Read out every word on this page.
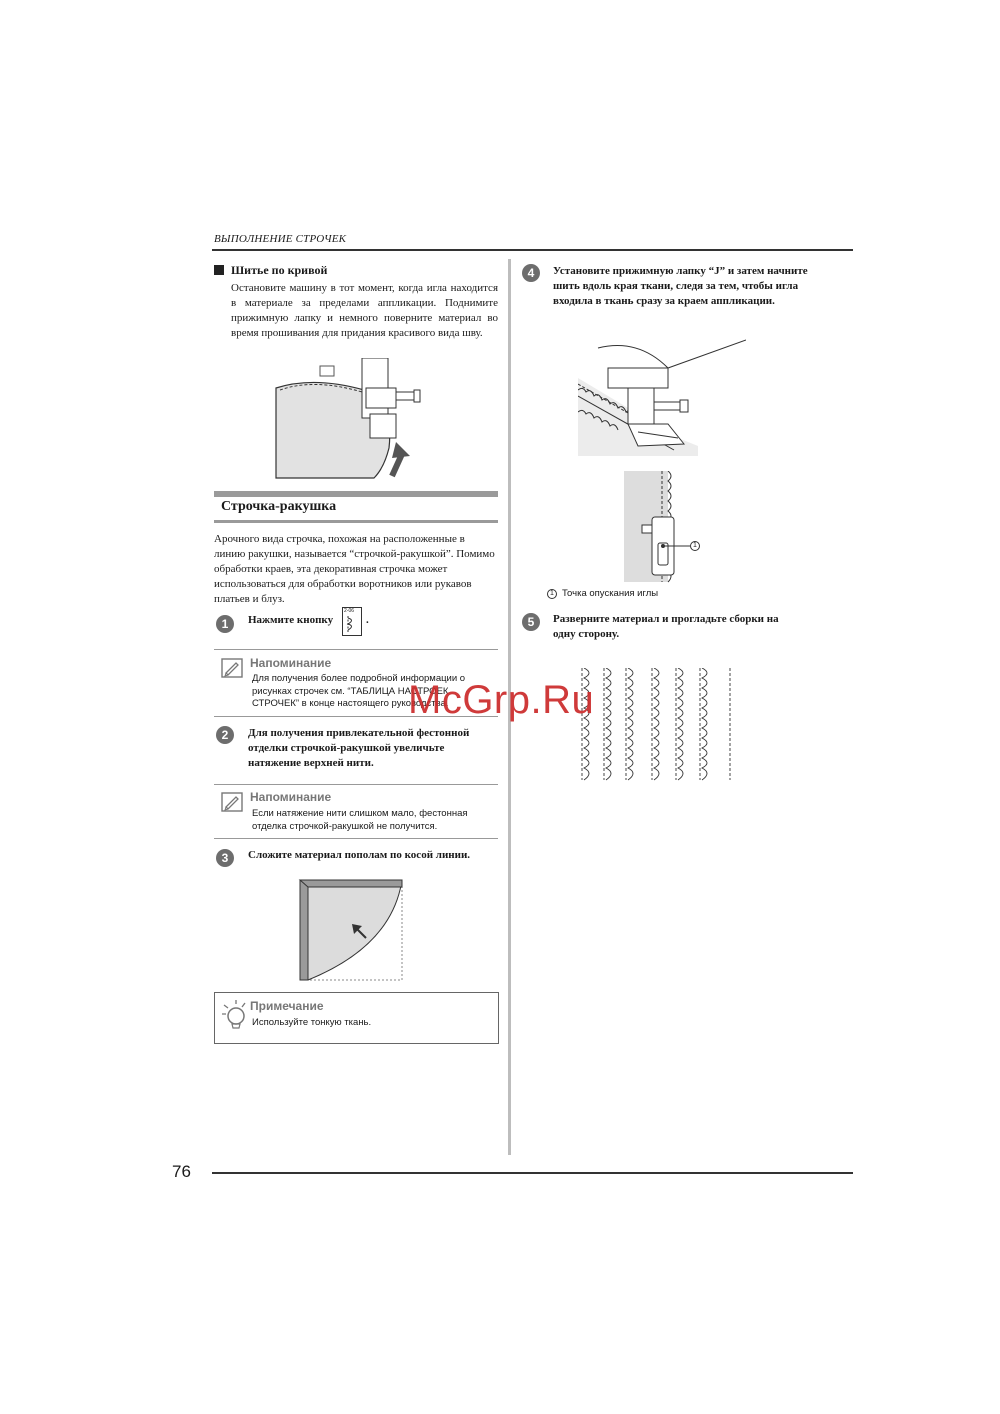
ВЫПОЛНЕНИЕ СТРОЧЕК
Шитье по кривой
Остановите машину в тот момент, когда игла находится в материале за пределами аппликации. Поднимите прижимную лапку и немного поверните материал во время прошивания для придания красивого вида шву.
Строчка-ракушка
Арочного вида строчка, похожая на расположенные в линию ракушки, называется “строчкой-ракушкой”. Помимо обработки краев, эта декоративная строчка может использоваться для обработки воротников или рукавов платьев и блуз.
1	Нажмите кнопку
2-06
.
Напоминание
Для получения более подробной информации о рисунках строчек см. “ТАБЛИЦА НАСТРОЕК СТРОЧЕК” в конце настоящего руководства.
2	Для получения привлекательной фестонной отделки строчкой-ракушкой увеличьте натяжение верхней нити.
Напоминание
Если натяжение нити слишком мало, фестонная отделка строчкой-ракушкой не получится.
3	Сложите материал пополам по косой линии.
Примечание
Используйте тонкую ткань.
4	Установите прижимную лапку “J” и затем начните шить вдоль края ткани, следя за тем, чтобы игла входила в ткань сразу за краем аппликации.
1
1 Точка опускания иглы
5	Разверните материал и прогладьте сборки на одну сторону.
McGrp.Ru
76
